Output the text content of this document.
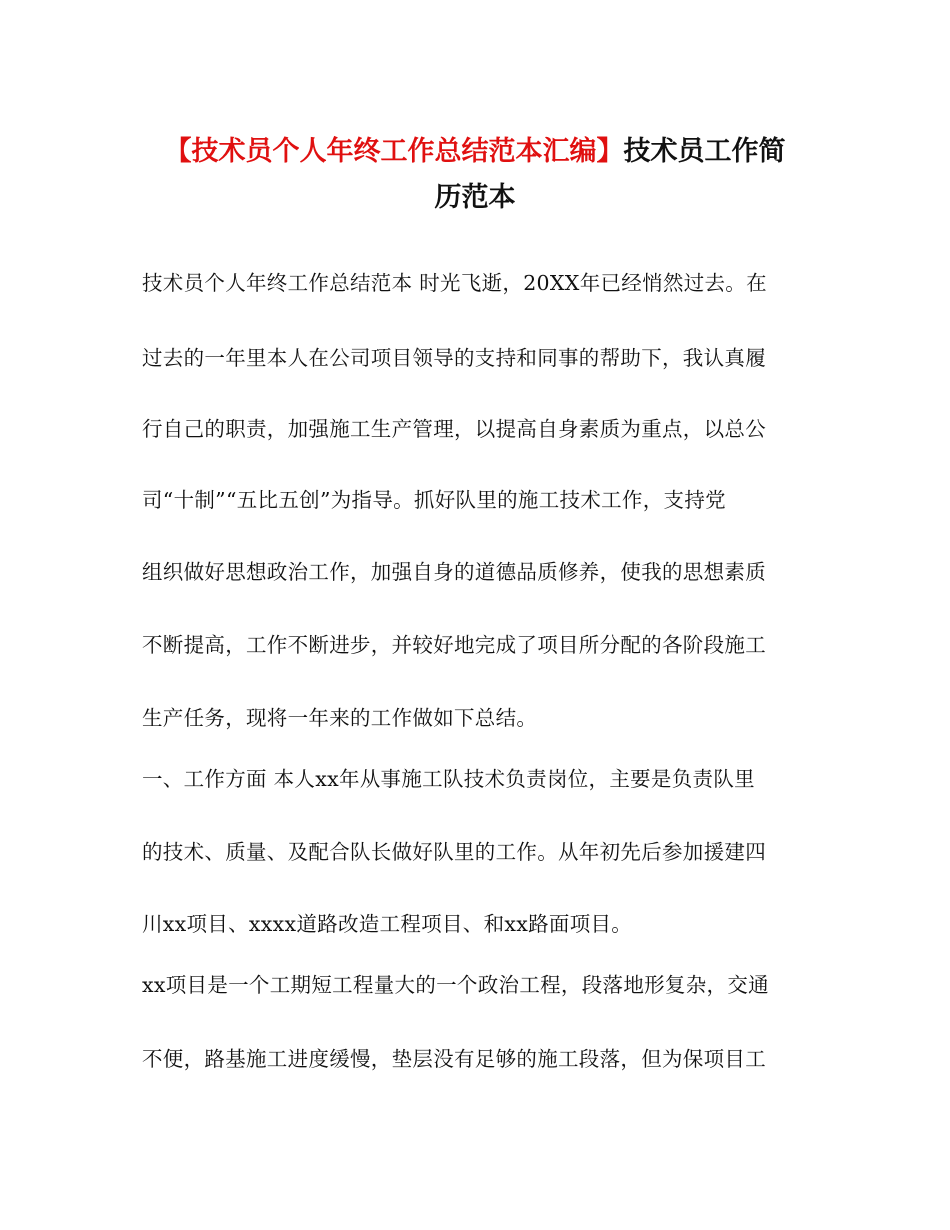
【技术员个人年终工作总结范本汇编】技术员工作简
历范本
技术员个人年终工作总结范本 时光飞逝，20XX年已经悄然过去。在
过去的一年里本人在公司项目领导的支持和同事的帮助下，我认真履
行自己的职责，加强施工生产管理，以提高自身素质为重点，以总公
司“十制”“五比五创”为指导。抓好队里的施工技术工作，支持党
组织做好思想政治工作，加强自身的道德品质修养，使我的思想素质
不断提高，工作不断进步，并较好地完成了项目所分配的各阶段施工
生产任务，现将一年来的工作做如下总结。
一、工作方面 本人xx年从事施工队技术负责岗位，主要是负责队里
的技术、质量、及配合队长做好队里的工作。从年初先后参加援建四
川xx项目、xxxx道路改造工程项目、和xx路面项目。
xx项目是一个工期短工程量大的一个政治工程，段落地形复杂，交通
不便，路基施工进度缓慢，垫层没有足够的施工段落，但为保项目工
